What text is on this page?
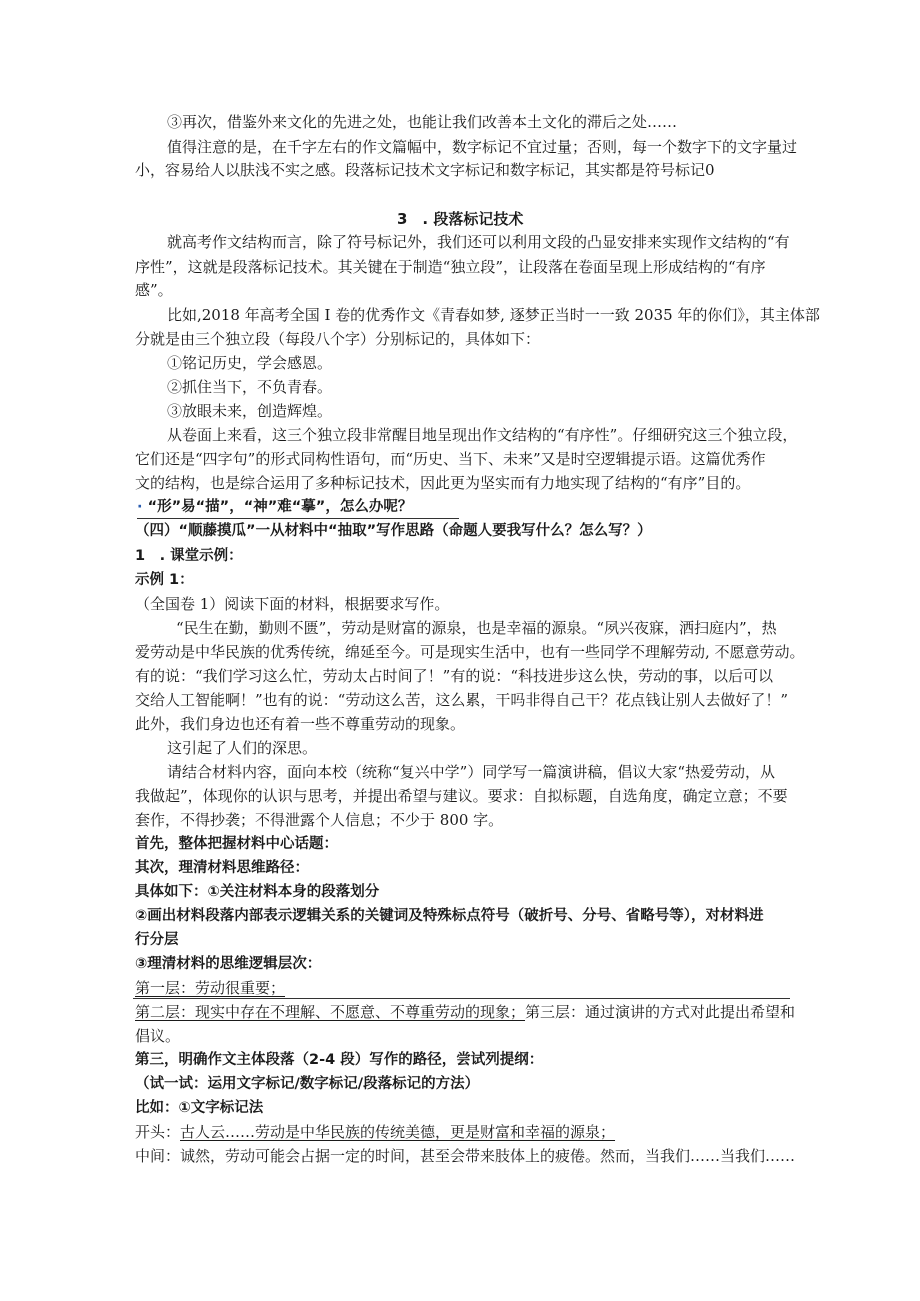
③再次，借鉴外来文化的先进之处，也能让我们改善本土文化的滞后之处……
值得注意的是，在千字左右的作文篇幅中，数字标记不宜过量；否则，每一个数字下的文字量过
小，容易给人以肤浅不实之感。段落标记技术文字标记和数字标记，其实都是符号标记0
3　. 段落标记技术
就高考作文结构而言，除了符号标记外，我们还可以利用文段的凸显安排来实现作文结构的“有
序性”，这就是段落标记技术。其关键在于制造“独立段”，让段落在卷面呈现上形成结构的“有序
感”。
比如,2018 年高考全国 I 卷的优秀作文《青春如梦, 逐梦正当时一一致 2035 年的你们》，其主体部
分就是由三个独立段（每段八个字）分别标记的，具体如下：
①铭记历史，学会感恩。
②抓住当下，不负青春。
③放眼未来，创造辉煌。
从卷面上来看，这三个独立段非常醒目地呈现出作文结构的“有序性”。仔细研究这三个独立段，
它们还是“四字句”的形式同构性语句，而“历史、当下、未来”又是时空逻辑提示语。这篇优秀作
文的结构，也是综合运用了多种标记技术，因此更为坚实而有力地实现了结构的“有序”目的。
· “形”易“描”，“神”难“摹”，怎么办呢？
（四）“顺藤摸瓜”一从材料中“抽取”写作思路（命题人要我写什么？怎么写？）
1　. 课堂示例：
示例 1：
（全国卷 1）阅读下面的材料，根据要求写作。
“民生在勤，勤则不匮”，劳动是财富的源泉，也是幸福的源泉。“夙兴夜寐，洒扫庭内”，热
爱劳动是中华民族的优秀传统，绵延至今。可是现实生活中，也有一些同学不理解劳动, 不愿意劳动。
有的说：“我们学习这么忙，劳动太占时间了！”有的说：“科技进步这么快，劳动的事，以后可以
交给人工智能啊！”也有的说：“劳动这么苦，这么累，干吗非得自己干？花点钱让别人去做好了！”
此外，我们身边也还有着一些不尊重劳动的现象。
这引起了人们的深思。
请结合材料内容，面向本校（统称“复兴中学”）同学写一篇演讲稿，倡议大家“热爱劳动，从
我做起”，体现你的认识与思考，并提出希望与建议。要求：自拟标题，自选角度，确定立意；不要
套作，不得抄袭；不得泄露个人信息；不少于 800 字。
首先，整体把握材料中心话题：
其次，理清材料思维路径：
具体如下：①关注材料本身的段落划分
②画出材料段落内部表示逻辑关系的关键词及特殊标点符号（破折号、分号、省略号等），对材料进
行分层
③理清材料的思维逻辑层次：
第一层：劳动很重要；
第二层：现实中存在不理解、不愿意、不尊重劳动的现象；第三层：通过演讲的方式对此提出希望和
倡议。
第三，明确作文主体段落（2-4 段）写作的路径，尝试列提纲：
（试一试：运用文字标记/数字标记/段落标记的方法）
比如：①文字标记法
开头：古人云……劳动是中华民族的传统美德，更是财富和幸福的源泉；
中间：诚然，劳动可能会占据一定的时间，甚至会带来肢体上的疲倦。然而，当我们……当我们……
